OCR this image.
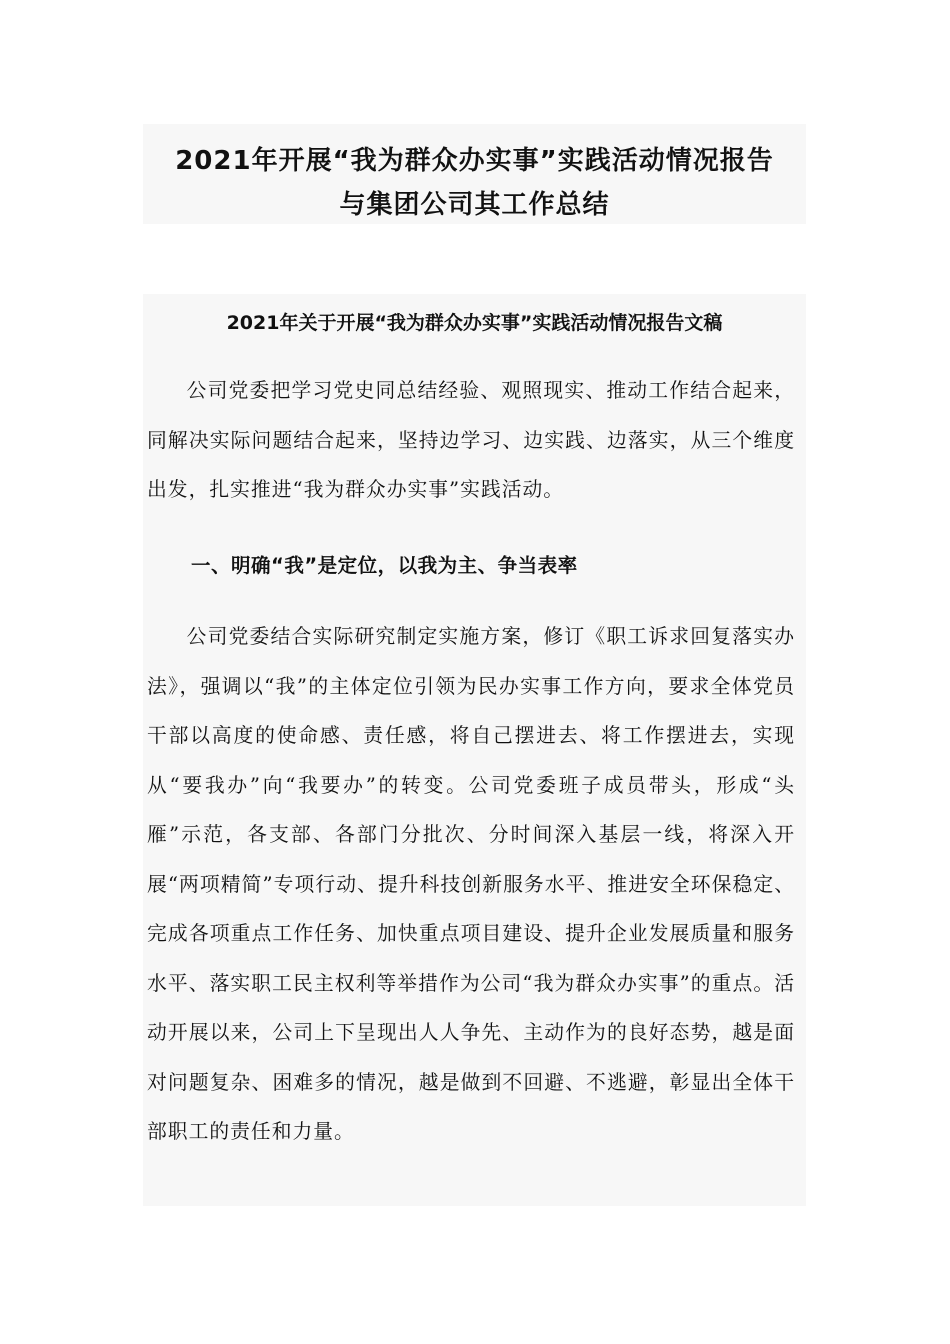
2021年开展“我为群众办实事”实践活动情况报告
与集团公司其工作总结
2021年关于开展“我为群众办实事”实践活动情况报告文稿

公司党委把学习党史同总结经验、观照现实、推动工作结合起来，同解决实际问题结合起来，坚持边学习、边实践、边落实，从三个维度出发，扎实推进“我为群众办实事”实践活动。

一、明确“我”是定位，以我为主、争当表率

公司党委结合实际研究制定实施方案，修订《职工诉求回复落实办法》，强调以“我”的主体定位引领为民办实事工作方向，要求全体党员干部以高度的使命感、责任感，将自己摆进去、将工作摆进去，实现从“要我办”向“我要办”的转变。公司党委班子成员带头，形成“头雁”示范，各支部、各部门分批次、分时间深入基层一线，将深入开展“两项精简”专项行动、提升科技创新服务水平、推进安全环保稳定、完成各项重点工作任务、加快重点项目建设、提升企业发展质量和服务水平、落实职工民主权利等举措作为公司“我为群众办实事”的重点。活动开展以来，公司上下呈现出人人争先、主动作为的良好态势，越是面对问题复杂、困难多的情况，越是做到不回避、不逃避，彰显出全体干部职工的责任和力量。
